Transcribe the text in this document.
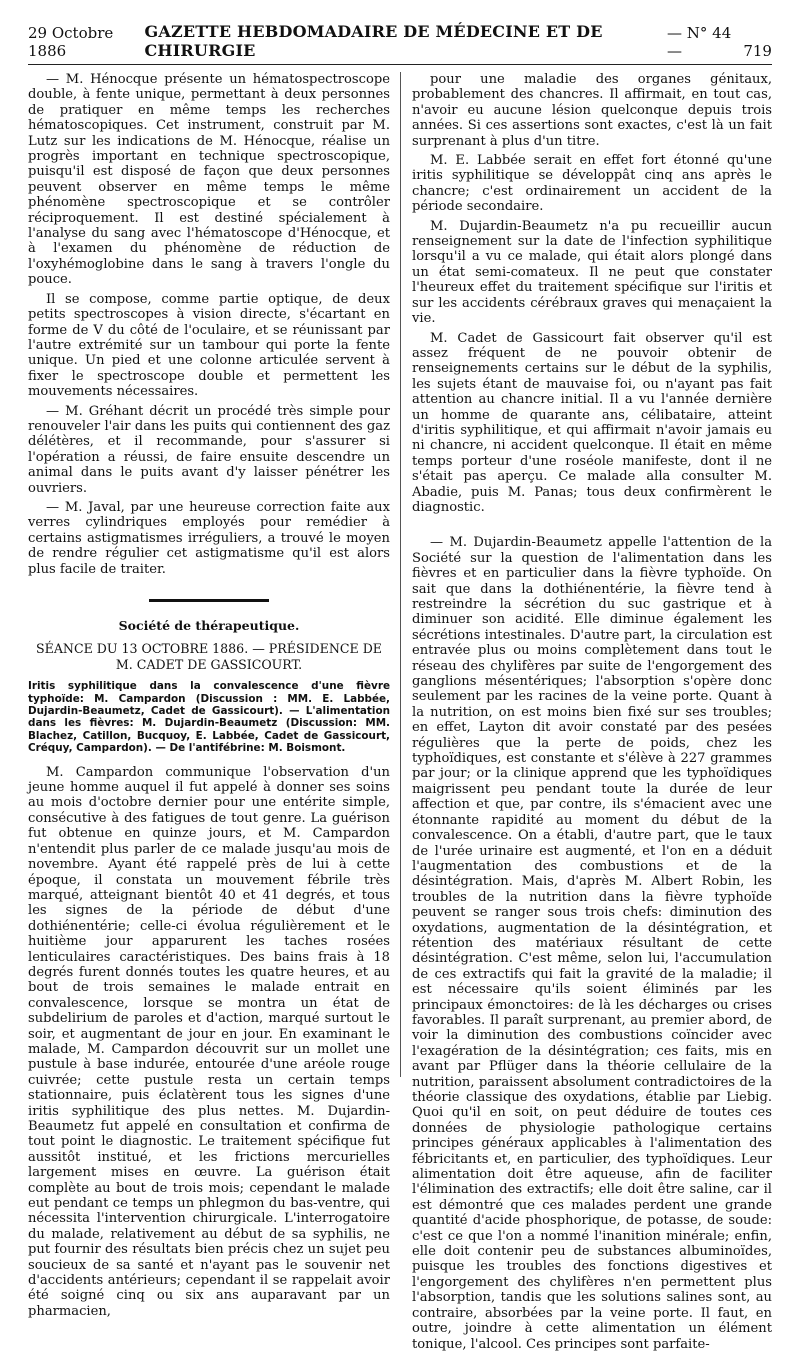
29 Octobre 1886
GAZETTE HEBDOMADAIRE DE MÉDECINE ET DE CHIRURGIE
— N° 44 —	719

— M. Hénocque présente un hématospectroscope double, à fente unique, permettant à deux personnes de pratiquer en même temps les recherches hématoscopiques. Cet instrument, construit par M. Lutz sur les indications de M. Hénocque, réalise un progrès important en technique spectroscopique, puisqu'il est disposé de façon que deux personnes peuvent observer en même temps le même phénomène spectroscopique et se contrôler réciproquement. Il est destiné spécialement à l'analyse du sang avec l'hématoscope d'Hénocque, et à l'examen du phénomène de réduction de l'oxyhémoglobine dans le sang à travers l'ongle du pouce.

Il se compose, comme partie optique, de deux petits spectroscopes à vision directe, s'écartant en forme de V du côté de l'oculaire, et se réunissant par l'autre extrémité sur un tambour qui porte la fente unique. Un pied et une colonne articulée servent à fixer le spectroscope double et permettent les mouvements nécessaires.

— M. Gréhant décrit un procédé très simple pour renouveler l'air dans les puits qui contiennent des gaz délétères, et il recommande, pour s'assurer si l'opération a réussi, de faire ensuite descendre un animal dans le puits avant d'y laisser pénétrer les ouvriers.

— M. Javal, par une heureuse correction faite aux verres cylindriques employés pour remédier à certains astigmatismes irréguliers, a trouvé le moyen de rendre régulier cet astigmatisme qu'il est alors plus facile de traiter.

Société de thérapeutique.
SÉANCE DU 13 OCTOBRE 1886. — PRÉSIDENCE DE M. CADET DE GASSICOURT.
Iritis syphilitique dans la convalescence d'une fièvre typhoïde: M. Campardon (Discussion : MM. E. Labbée, Dujardin-Beaumetz, Cadet de Gassicourt). — L'alimentation dans les fièvres: M. Dujardin-Beaumetz (Discussion: MM. Blachez, Catillon, Bucquoy, E. Labbée, Cadet de Gassicourt, Créquy, Campardon). — De l'antifébrine: M. Boismont.

M. Campardon communique l'observation d'un jeune homme auquel il fut appelé à donner ses soins au mois d'octobre dernier pour une entérite simple, consécutive à des fatigues de tout genre. La guérison fut obtenue en quinze jours, et M. Campardon n'entendit plus parler de ce malade jusqu'au mois de novembre. Ayant été rappelé près de lui à cette époque, il constata un mouvement fébrile très marqué, atteignant bientôt 40 et 41 degrés, et tous les signes de la période de début d'une dothiénentérie; celle-ci évolua régulièrement et le huitième jour apparurent les taches rosées lenticulaires caractéristiques. Des bains frais à 18 degrés furent donnés toutes les quatre heures, et au bout de trois semaines le malade entrait en convalescence, lorsque se montra un état de subdelirium de paroles et d'action, marqué surtout le soir, et augmentant de jour en jour. En examinant le malade, M. Campardon découvrit sur un mollet une pustule à base indurée, entourée d'une aréole rouge cuivrée; cette pustule resta un certain temps stationnaire, puis éclatèrent tous les signes d'une iritis syphilitique des plus nettes. M. Dujardin-Beaumetz fut appelé en consultation et confirma de tout point le diagnostic. Le traitement spécifique fut aussitôt institué, et les frictions mercurielles largement mises en œuvre. La guérison était complète au bout de trois mois; cependant le malade eut pendant ce temps un phlegmon du bas-ventre, qui nécessita l'intervention chirurgicale. L'interrogatoire du malade, relativement au début de sa syphilis, ne put fournir des résultats bien précis chez un sujet peu soucieux de sa santé et n'ayant pas le souvenir net d'accidents antérieurs; cependant il se rappelait avoir été soigné cinq ou six ans auparavant par un pharmacien,

pour une maladie des organes génitaux, probablement des chancres. Il affirmait, en tout cas, n'avoir eu aucune lésion quelconque depuis trois années. Si ces assertions sont exactes, c'est là un fait surprenant à plus d'un titre.

M. E. Labbée serait en effet fort étonné qu'une iritis syphilitique se développât cinq ans après le chancre; c'est ordinairement un accident de la période secondaire.

M. Dujardin-Beaumetz n'a pu recueillir aucun renseignement sur la date de l'infection syphilitique lorsqu'il a vu ce malade, qui était alors plongé dans un état semi-comateux. Il ne peut que constater l'heureux effet du traitement spécifique sur l'iritis et sur les accidents cérébraux graves qui menaçaient la vie.

M. Cadet de Gassicourt fait observer qu'il est assez fréquent de ne pouvoir obtenir de renseignements certains sur le début de la syphilis, les sujets étant de mauvaise foi, ou n'ayant pas fait attention au chancre initial. Il a vu l'année dernière un homme de quarante ans, célibataire, atteint d'iritis syphilitique, et qui affirmait n'avoir jamais eu ni chancre, ni accident quelconque. Il était en même temps porteur d'une roséole manifeste, dont il ne s'était pas aperçu. Ce malade alla consulter M. Abadie, puis M. Panas; tous deux confirmèrent le diagnostic.

— M. Dujardin-Beaumetz appelle l'attention de la Société sur la question de l'alimentation dans les fièvres et en particulier dans la fièvre typhoïde. On sait que dans la dothiénentérie, la fièvre tend à restreindre la sécrétion du suc gastrique et à diminuer son acidité. Elle diminue également les sécrétions intestinales. D'autre part, la circulation est entravée plus ou moins complètement dans tout le réseau des chylifères par suite de l'engorgement des ganglions mésentériques; l'absorption s'opère donc seulement par les racines de la veine porte. Quant à la nutrition, on est moins bien fixé sur ses troubles; en effet, Layton dit avoir constaté par des pesées régulières que la perte de poids, chez les typhoïdiques, est constante et s'élève à 227 grammes par jour; or la clinique apprend que les typhoïdiques maigrissent peu pendant toute la durée de leur affection et que, par contre, ils s'émacient avec une étonnante rapidité au moment du début de la convalescence. On a établi, d'autre part, que le taux de l'urée urinaire est augmenté, et l'on en a déduit l'augmentation des combustions et de la désintégration. Mais, d'après M. Albert Robin, les troubles de la nutrition dans la fièvre typhoïde peuvent se ranger sous trois chefs: diminution des oxydations, augmentation de la désintégration, et rétention des matériaux résultant de cette désintégration. C'est même, selon lui, l'accumulation de ces extractifs qui fait la gravité de la maladie; il est nécessaire qu'ils soient éliminés par les principaux émonctoires: de là les décharges ou crises favorables. Il paraît surprenant, au premier abord, de voir la diminution des combustions coïncider avec l'exagération de la désintégration; ces faits, mis en avant par Pflüger dans la théorie cellulaire de la nutrition, paraissent absolument contradictoires de la théorie classique des oxydations, établie par Liebig. Quoi qu'il en soit, on peut déduire de toutes ces données de physiologie pathologique certains principes généraux applicables à l'alimentation des fébricitants et, en particulier, des typhoïdiques. Leur alimentation doit être aqueuse, afin de faciliter l'élimination des extractifs; elle doit être saline, car il est démontré que ces malades perdent une grande quantité d'acide phosphorique, de potasse, de soude: c'est ce que l'on a nommé l'inanition minérale; enfin, elle doit contenir peu de substances albuminoïdes, puisque les troubles des fonctions digestives et l'engorgement des chylifères n'en permettent plus l'absorption, tandis que les solutions salines sont, au contraire, absorbées par la veine porte. Il faut, en outre, joindre à cette alimentation un élément tonique, l'alcool. Ces principes sont parfaite-
